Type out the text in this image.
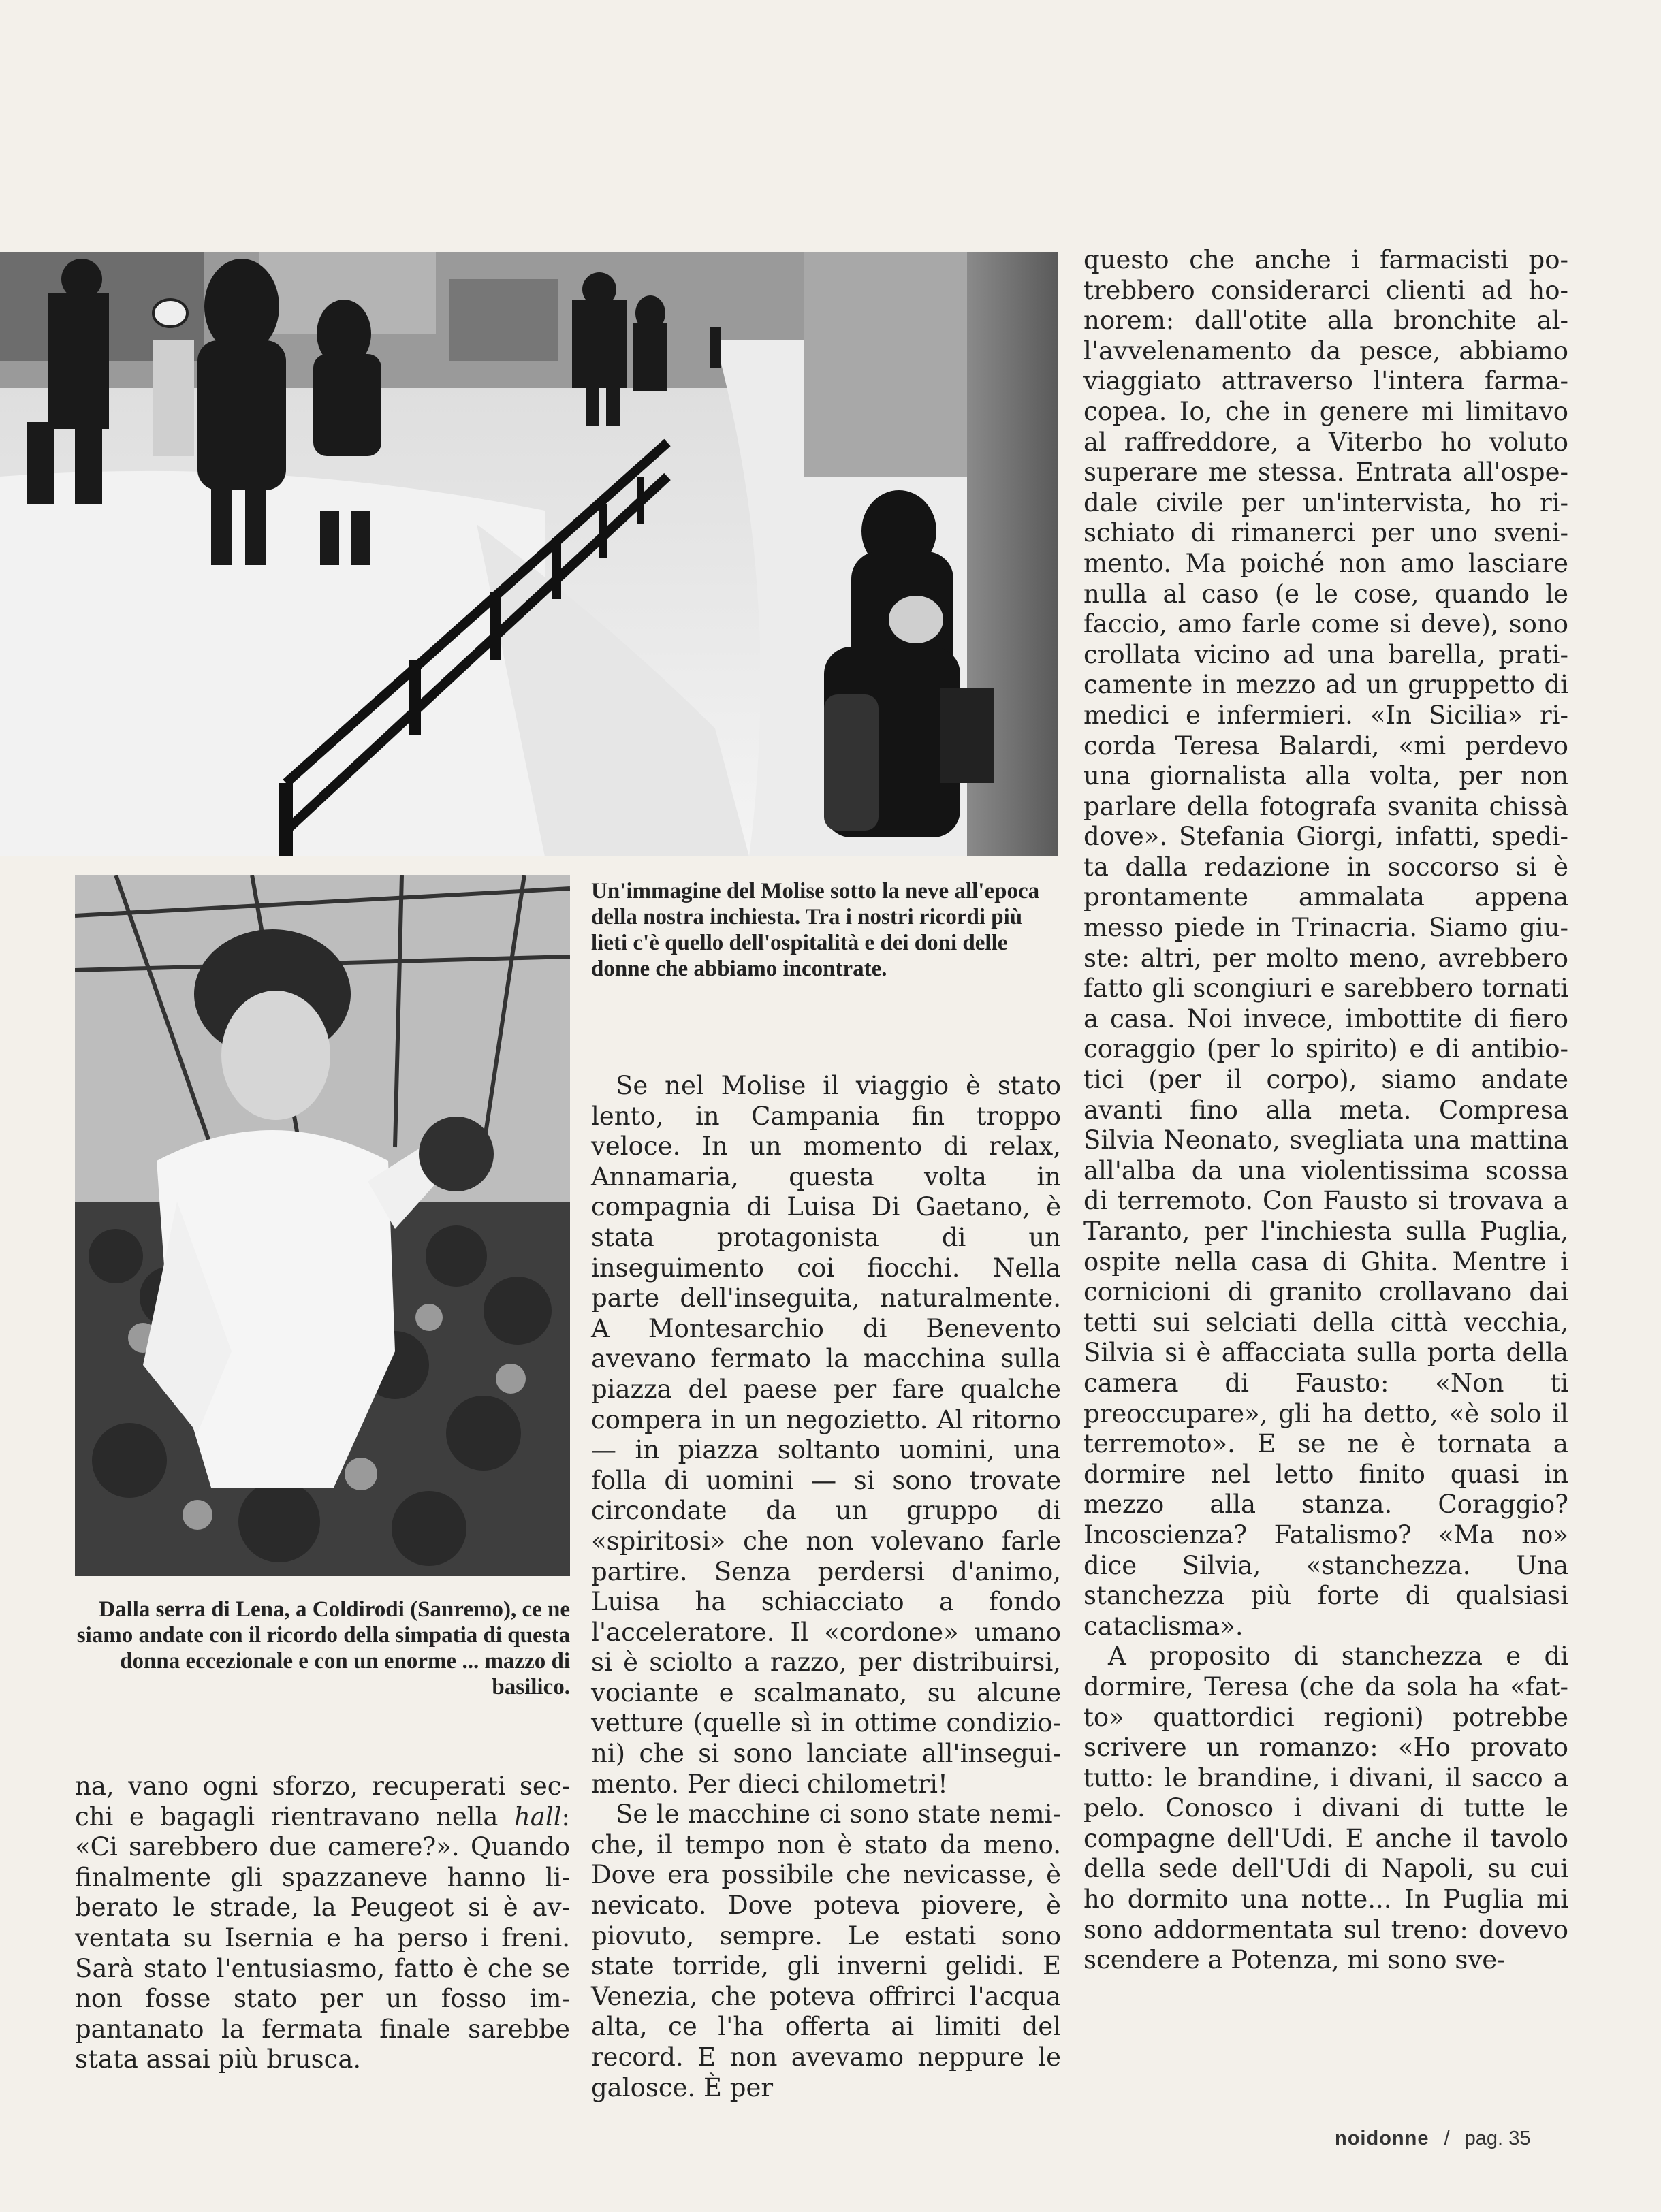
Un'immagine del Molise sotto la neve all'epoca della nostra inchiesta. Tra i nostri ricordi più lieti c'è quello dell'ospitalità e dei doni delle donne che abbiamo incontrate.
Dalla serra di Lena, a Coldirodi (Sanremo), ce ne siamo andate con il ricordo della simpatia di questa donna eccezionale e con un enorme ... mazzo di basilico.

na, vano ogni sforzo, recuperati secchi e bagagli rientravano nella hall: «Ci sarebbero due camere?». Quando finalmente gli spazzaneve hanno liberato le strade, la Peugeot si è avventata su Isernia e ha perso i freni. Sarà stato l'entusiasmo, fatto è che se non fosse stato per un fosso impantanato la fermata finale sarebbe stata assai più brusca.

Se nel Molise il viaggio è stato lento, in Campania fin troppo veloce. In un momento di relax, Annamaria, questa volta in compagnia di Luisa Di Gaetano, è stata protagonista di un inseguimento coi fiocchi. Nella parte dell'inseguita, naturalmente. A Montesarchio di Benevento avevano fermato la macchina sulla piazza del paese per fare qualche compera in un negozietto. Al ritorno — in piazza soltanto uomini, una folla di uomini — si sono trovate circondate da un gruppo di «spiritosi» che non volevano farle partire. Senza perdersi d'animo, Luisa ha schiacciato a fondo l'acceleratore. Il «cordone» umano si è sciolto a razzo, per distribuirsi, vociante e scalmanato, su alcune vetture (quelle sì in ottime condizioni) che si sono lanciate all'inseguimento. Per dieci chilometri!

Se le macchine ci sono state nemiche, il tempo non è stato da meno. Dove era possibile che nevicasse, è nevicato. Dove poteva piovere, è piovuto, sempre. Le estati sono state torride, gli inverni gelidi. E Venezia, che poteva offrirci l'acqua alta, ce l'ha offerta ai limiti del record. E non avevamo neppure le galosce. È per

questo che anche i farmacisti potrebbero considerarci clienti ad honorem: dall'otite alla bronchite all'avvelenamento da pesce, abbiamo viaggiato attraverso l'intera farmacopea. Io, che in genere mi limitavo al raffreddore, a Viterbo ho voluto superare me stessa. Entrata all'ospedale civile per un'intervista, ho rischiato di rimanerci per uno svenimento. Ma poiché non amo lasciare nulla al caso (e le cose, quando le faccio, amo farle come si deve), sono crollata vicino ad una barella, praticamente in mezzo ad un gruppetto di medici e infermieri. «In Sicilia» ricorda Teresa Balardi, «mi perdevo una giornalista alla volta, per non parlare della fotografa svanita chissà dove». Stefania Giorgi, infatti, spedita dalla redazione in soccorso si è prontamente ammalata appena messo piede in Trinacria. Siamo giuste: altri, per molto meno, avrebbero fatto gli scongiuri e sarebbero tornati a casa. Noi invece, imbottite di fiero coraggio (per lo spirito) e di antibiotici (per il corpo), siamo andate avanti fino alla meta. Compresa Silvia Neonato, svegliata una mattina all'alba da una violentissima scossa di terremoto. Con Fausto si trovava a Taranto, per l'inchiesta sulla Puglia, ospite nella casa di Ghita. Mentre i cornicioni di granito crollavano dai tetti sui selciati della città vecchia, Silvia si è affacciata sulla porta della camera di Fausto: «Non ti preoccupare», gli ha detto, «è solo il terremoto». E se ne è tornata a dormire nel letto finito quasi in mezzo alla stanza. Coraggio? Incoscienza? Fatalismo? «Ma no» dice Silvia, «stanchezza. Una stanchezza più forte di qualsiasi cataclisma».

A proposito di stanchezza e di dormire, Teresa (che da sola ha «fatto» quattordici regioni) potrebbe scrivere un romanzo: «Ho provato tutto: le brandine, i divani, il sacco a pelo. Conosco i divani di tutte le compagne dell'Udi. E anche il tavolo della sede dell'Udi di Napoli, su cui ho dormito una notte... In Puglia mi sono addormentata sul treno: dovevo scendere a Potenza, mi sono sve-

noidonne / pag. 35
